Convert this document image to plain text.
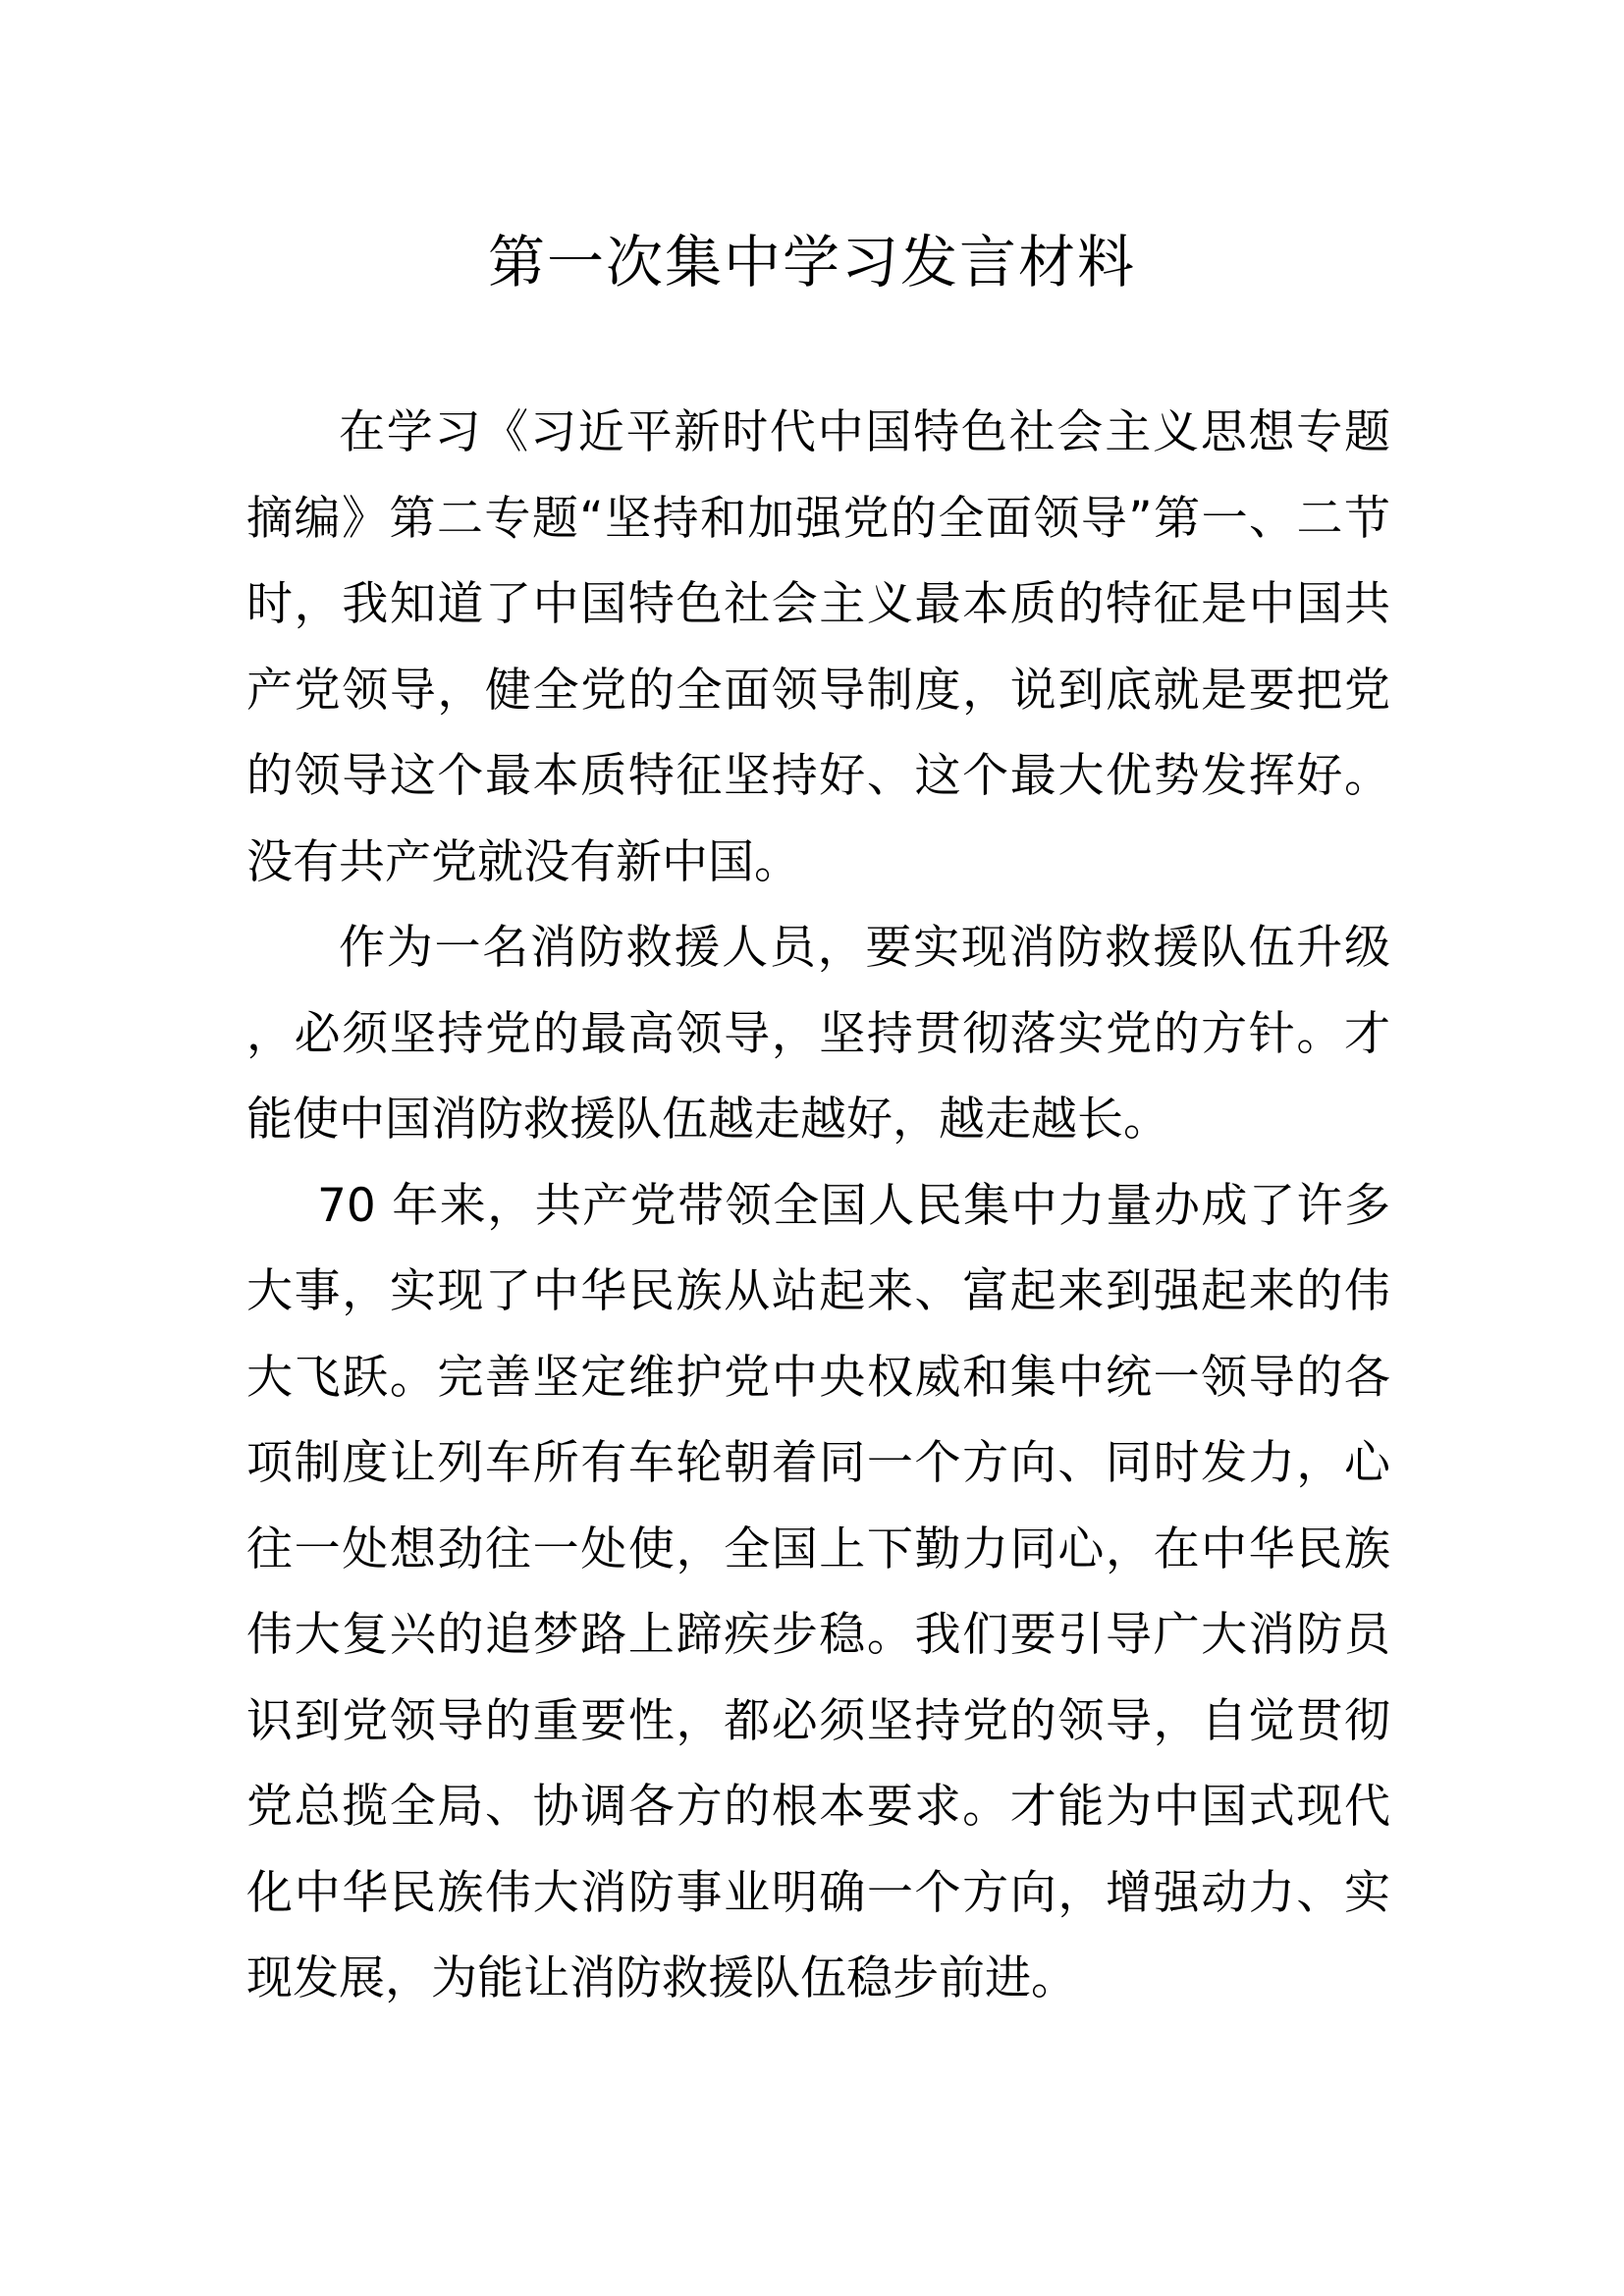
第一次集中学习发言材料

在学习《习近平新时代中国特色社会主义思想专题摘编》第二专题“坚持和加强党的全面领导”第一、二节时，我知道了中国特色社会主义最本质的特征是中国共产党领导，健全党的全面领导制度，说到底就是要把党的领导这个最本质特征坚持好、这个最大优势发挥好。没有共产党就没有新中国。

作为一名消防救援人员，要实现消防救援队伍升级，必须坚持党的最高领导，坚持贯彻落实党的方针。才能使中国消防救援队伍越走越好，越走越长。

70 年来，共产党带领全国人民集中力量办成了许多大事，实现了中华民族从站起来、富起来到强起来的伟大飞跃。完善坚定维护党中央权威和集中统一领导的各项制度让列车所有车轮朝着同一个方向、同时发力，心往一处想劲往一处使，全国上下勤力同心，在中华民族伟大复兴的追梦路上蹄疾步稳。我们要引导广大消防员识到党领导的重要性，都必须坚持党的领导，自觉贯彻党总揽全局、协调各方的根本要求。才能为中国式现代化中华民族伟大消防事业明确一个方向，增强动力、实现发展，为能让消防救援队伍稳步前进。
